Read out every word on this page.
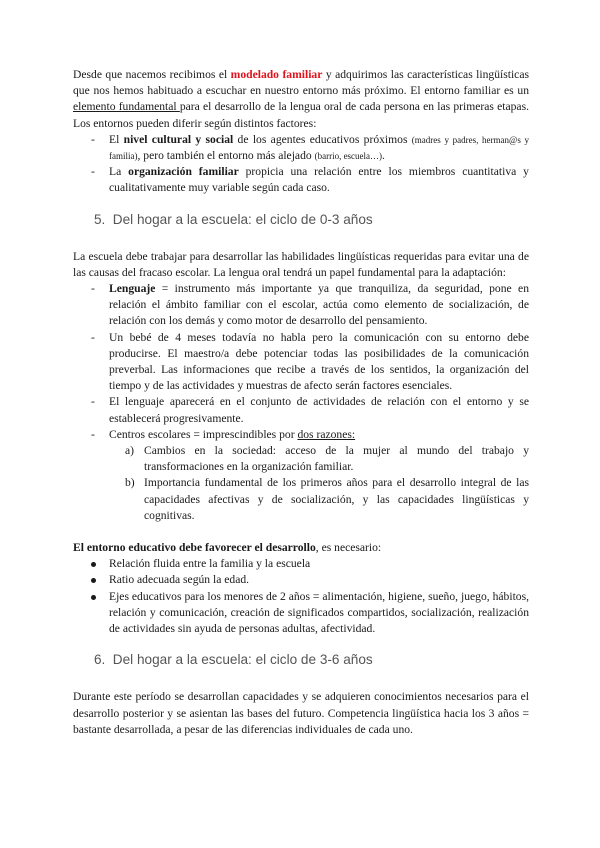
Desde que nacemos recibimos el modelado familiar y adquirimos las características lingüísticas que nos hemos habituado a escuchar en nuestro entorno más próximo. El entorno familiar es un elemento fundamental para el desarrollo de la lengua oral de cada persona en las primeras etapas. Los entornos pueden diferir según distintos factores:

- El nivel cultural y social de los agentes educativos próximos (madres y padres, herman@s y familia), pero también el entorno más alejado (barrio, escuela…).
- La organización familiar propicia una relación entre los miembros cuantitativa y cualitativamente muy variable según cada caso.
5. Del hogar a la escuela: el ciclo de 0-3 años

La escuela debe trabajar para desarrollar las habilidades lingüísticas requeridas para evitar una de las causas del fracaso escolar. La lengua oral tendrá un papel fundamental para la adaptación:

- Lenguaje = instrumento más importante ya que tranquiliza, da seguridad, pone en relación el ámbito familiar con el escolar, actúa como elemento de socialización, de relación con los demás y como motor de desarrollo del pensamiento.
- Un bebé de 4 meses todavía no habla pero la comunicación con su entorno debe producirse. El maestro/a debe potenciar todas las posibilidades de la comunicación preverbal. Las informaciones que recibe a través de los sentidos, la organización del tiempo y de las actividades y muestras de afecto serán factores esenciales.
- El lenguaje aparecerá en el conjunto de actividades de relación con el entorno y se establecerá progresivamente.
- Centros escolares = imprescindibles por dos razones:
a) Cambios en la sociedad: acceso de la mujer al mundo del trabajo y transformaciones en la organización familiar.
b) Importancia fundamental de los primeros años para el desarrollo integral de las capacidades afectivas y de socialización, y las capacidades lingüísticas y cognitivas.

El entorno educativo debe favorecer el desarrollo, es necesario:

Relación fluida entre la familia y la escuela
Ratio adecuada según la edad.
Ejes educativos para los menores de 2 años = alimentación, higiene, sueño, juego, hábitos, relación y comunicación, creación de significados compartidos, socialización, realización de actividades sin ayuda de personas adultas, afectividad.
6. Del hogar a la escuela: el ciclo de 3-6 años

Durante este período se desarrollan capacidades y se adquieren conocimientos necesarios para el desarrollo posterior y se asientan las bases del futuro. Competencia lingüística hacia los 3 años = bastante desarrollada, a pesar de las diferencias individuales de cada uno.
